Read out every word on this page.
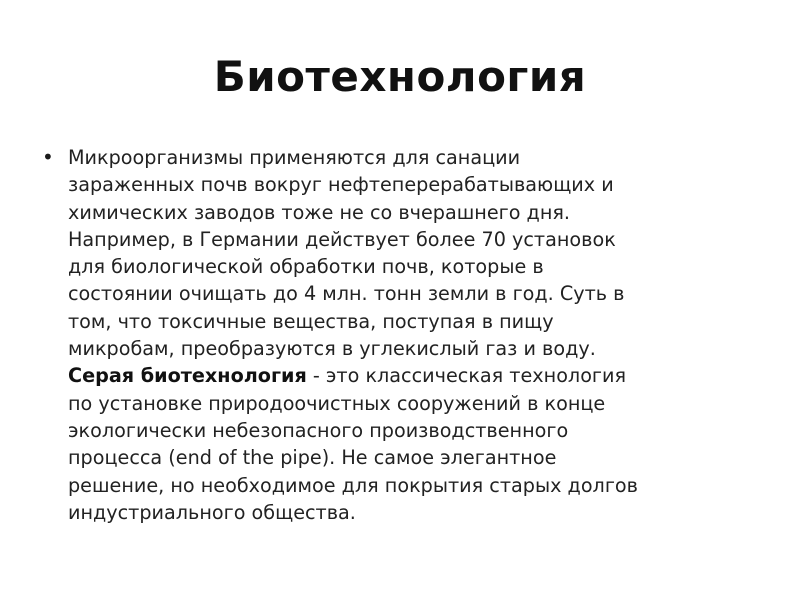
Биотехнология
• Микроорганизмы применяются для санации
зараженных почв вокруг нефтеперерабатывающих и
химических заводов тоже не со вчерашнего дня.
Например, в Германии действует более 70 установок
для биологической обработки почв, которые в
состоянии очищать до 4 млн. тонн земли в год. Суть в
том, что токсичные вещества, поступая в пищу
микробам, преобразуются в углекислый газ и воду.
Серая биотехнология - это классическая технология
по установке природоочистных сооружений в конце
экологически небезопасного производственного
процесса (end of the pipe). Не самое элегантное
решение, но необходимое для покрытия старых долгов
индустриального общества.
